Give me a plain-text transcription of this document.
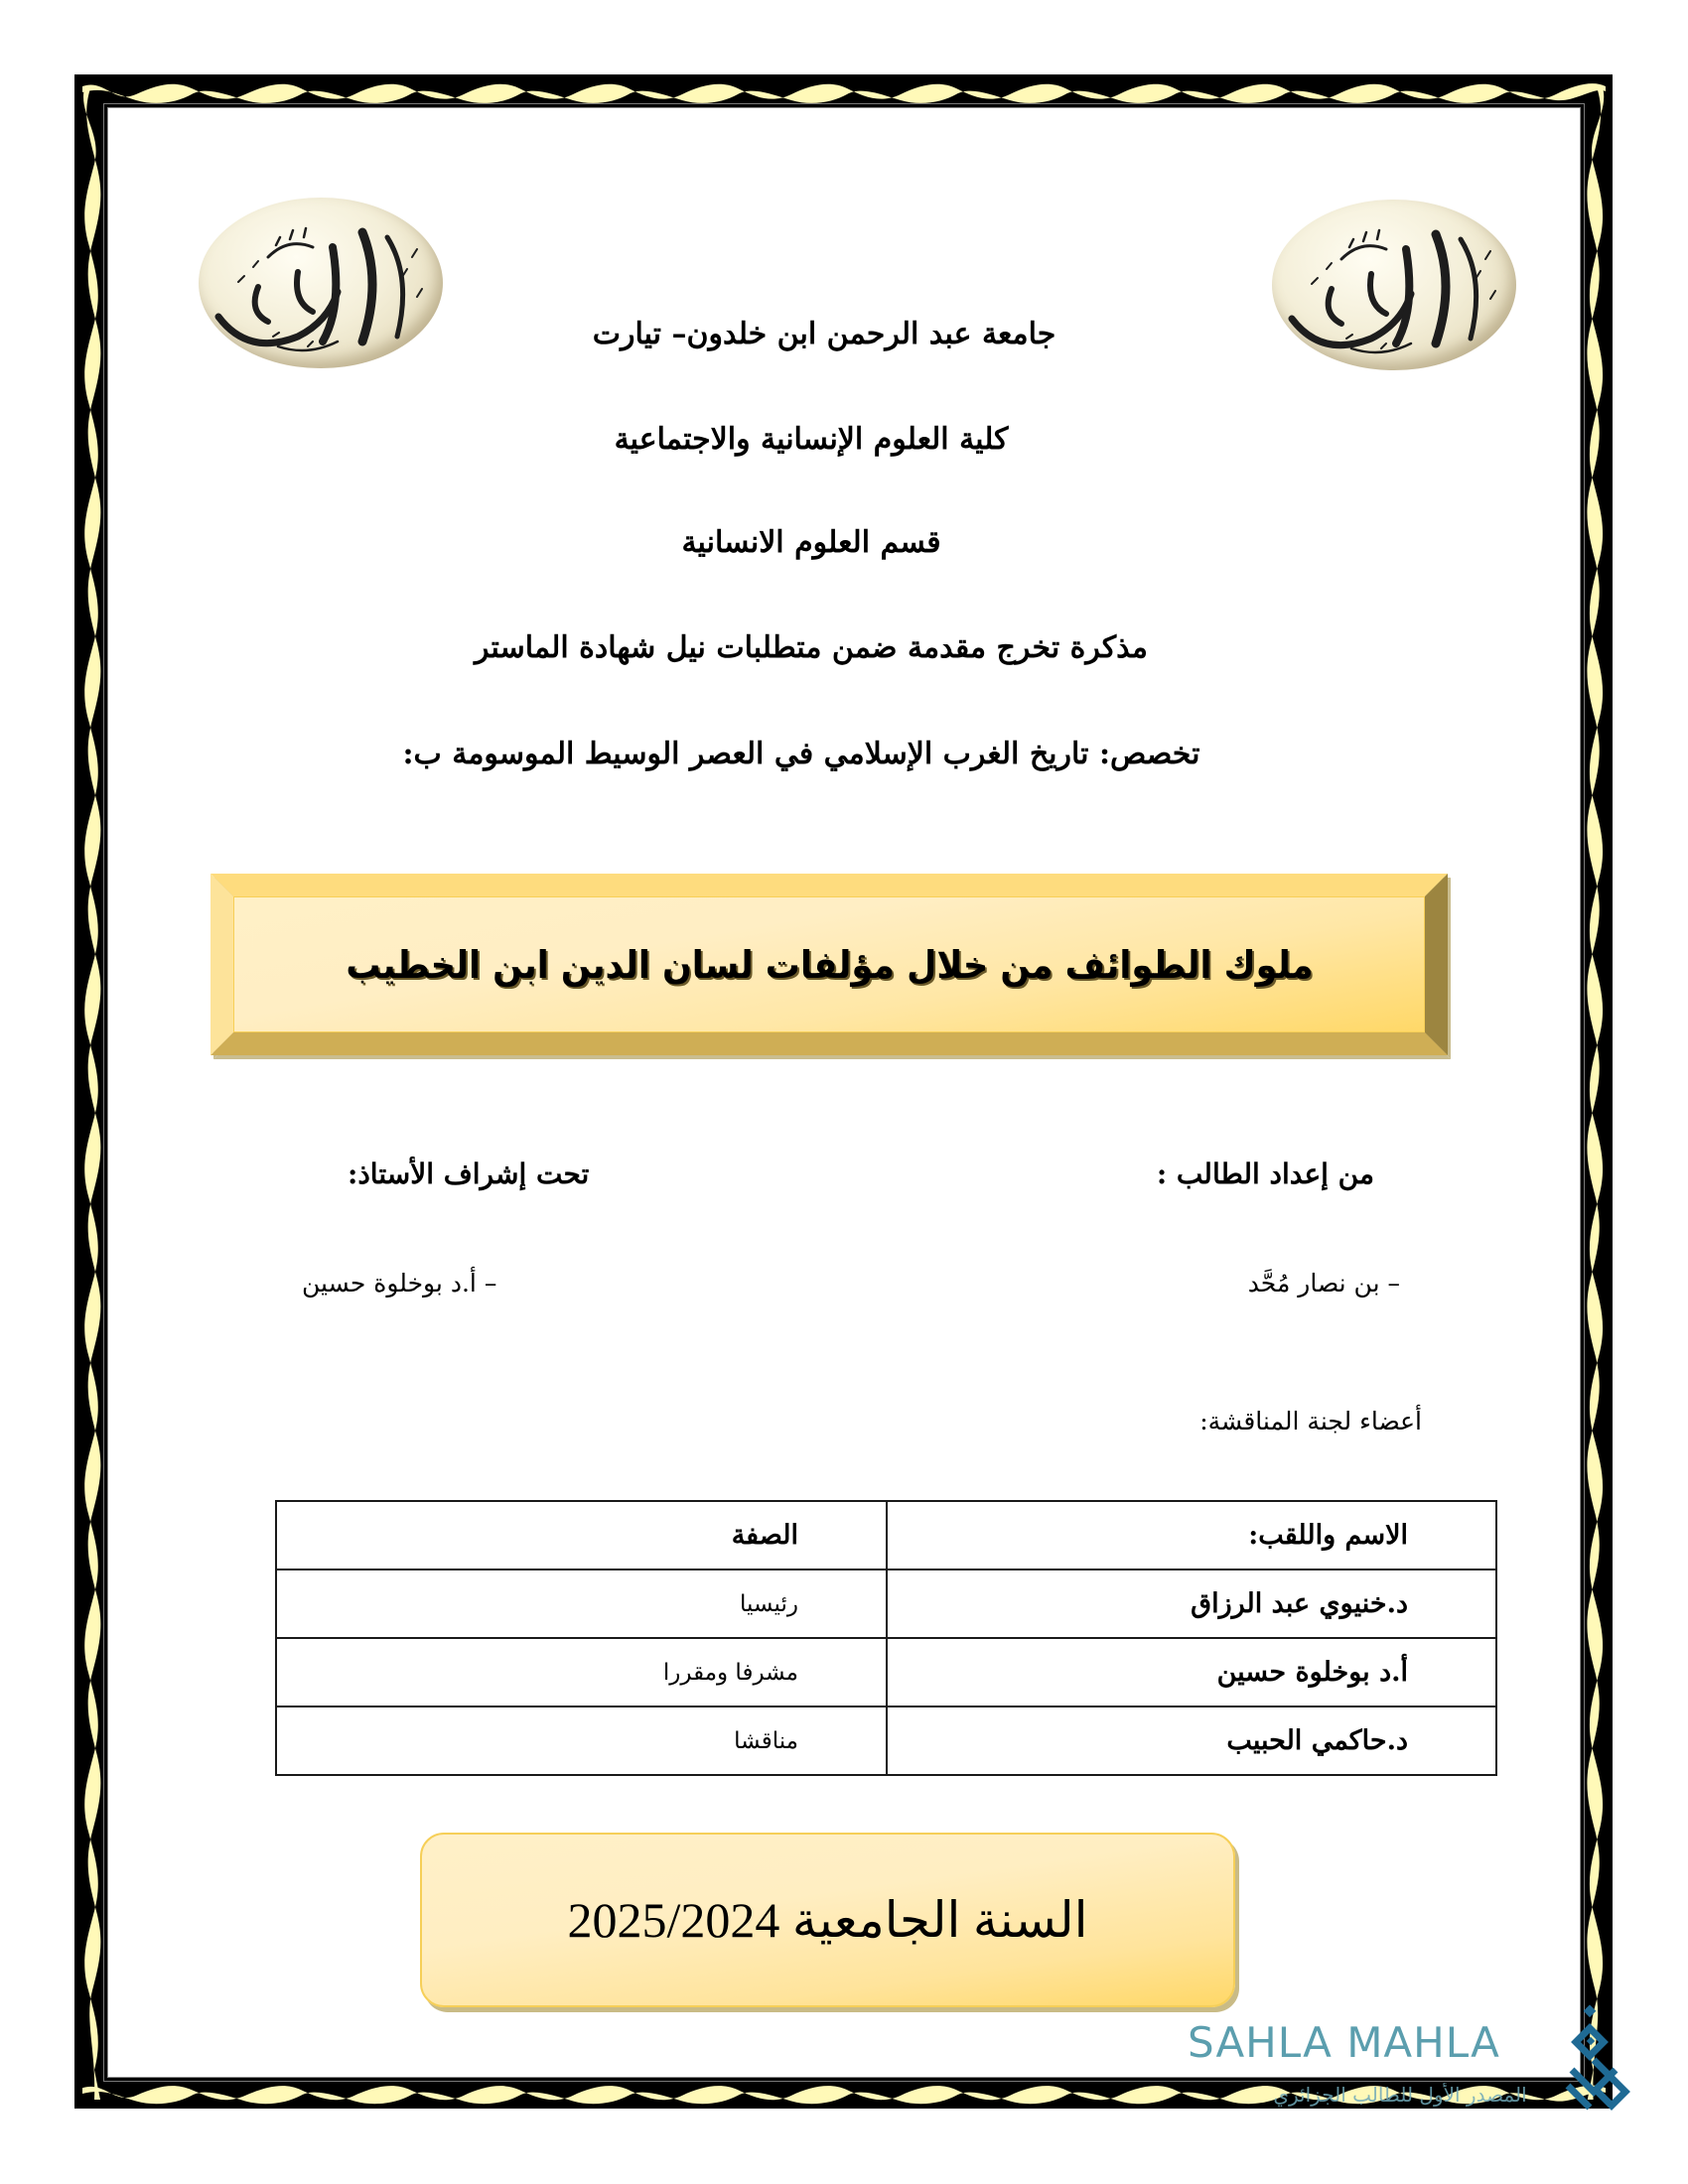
جامعة عبد الرحمن ابن خلدون– تيارت
كلية العلوم الإنسانية والاجتماعية
قسم العلوم الانسانية
مذكرة تخرج مقدمة ضمن متطلبات نيل شهادة الماستر
تخصص: تاريخ الغرب الإسلامي في العصر الوسيط الموسومة ب:
ملوك الطوائف من خلال مؤلفات لسان الدين ابن الخطيب
من إعداد الطالب :
تحت إشراف الأستاذ:
– بن نصار مُحَّد
– أ.د بوخلوة حسين
أعضاء لجنة المناقشة:
الاسم واللقب:	الصفة
د.خنيوي عبد الرزاق	رئيسيا
أ.د بوخلوة حسين	مشرفا ومقررا
د.حاكمي الحبيب	مناقشا
السنة الجامعية 2025/2024
SAHLA MAHLA
المصدر الأول للطالب الجزائري
